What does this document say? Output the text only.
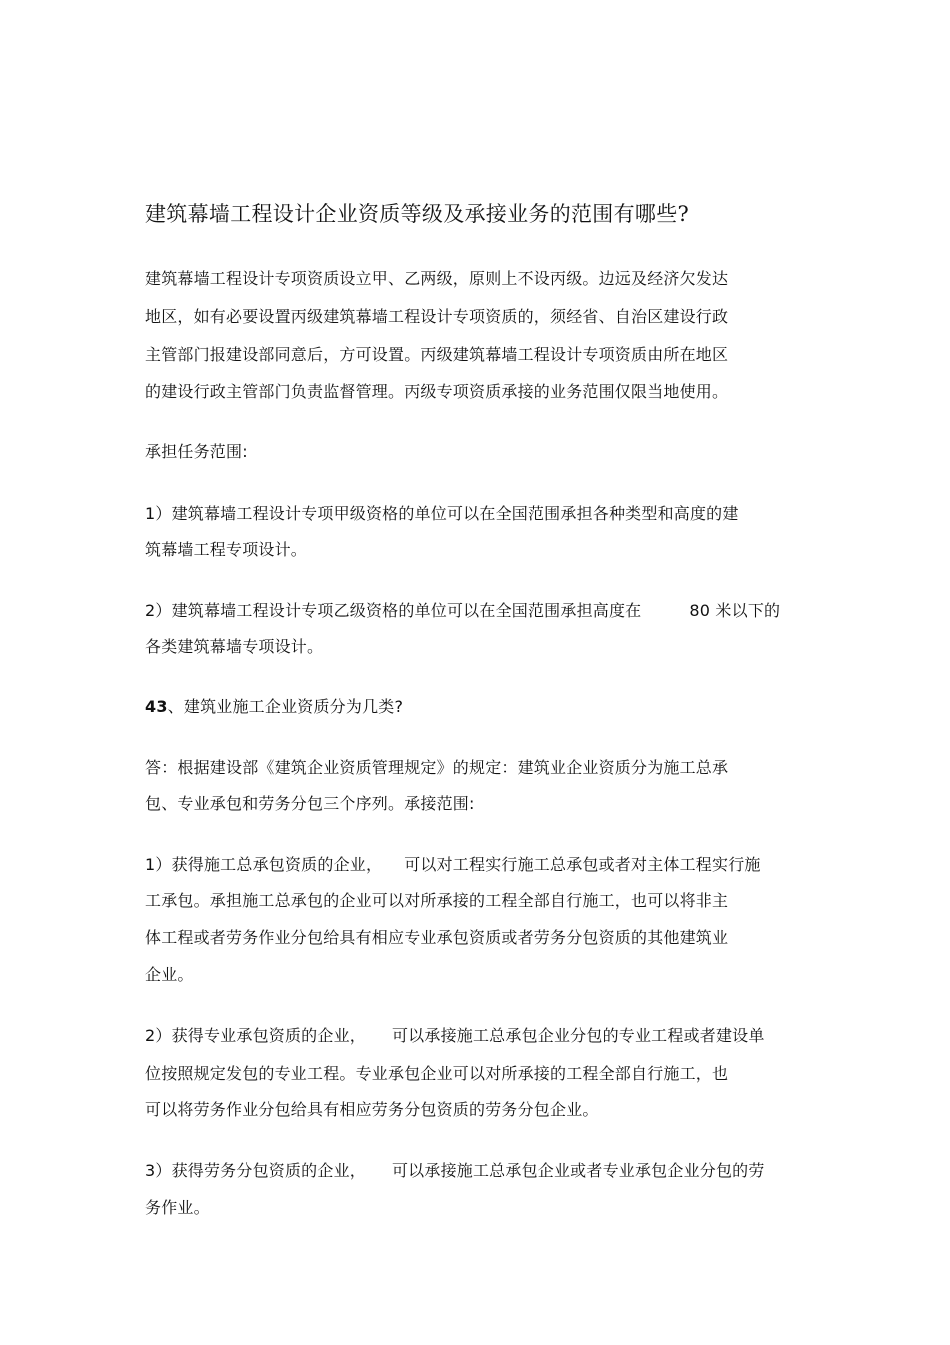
建筑幕墙工程设计企业资质等级及承接业务的范围有哪些?
建筑幕墙工程设计专项资质设立甲、乙两级，原则上不设丙级。边远及经济欠发达
地区，如有必要设置丙级建筑幕墙工程设计专项资质的，须经省、自治区建设行政
主管部门报建设部同意后，方可设置。丙级建筑幕墙工程设计专项资质由所在地区
的建设行政主管部门负责监督管理。丙级专项资质承接的业务范围仅限当地使用。
承担任务范围:
1）建筑幕墙工程设计专项甲级资格的单位可以在全国范围承担各种类型和高度的建
筑幕墙工程专项设计。
2）建筑幕墙工程设计专项乙级资格的单位可以在全国范围承担高度在	80 米以下的
各类建筑幕墙专项设计。
43、建筑业施工企业资质分为几类?
答：根据建设部《建筑企业资质管理规定》的规定：建筑业企业资质分为施工总承
包、专业承包和劳务分包三个序列。承接范围:
1）获得施工总承包资质的企业， 可以对工程实行施工总承包或者对主体工程实行施
工承包。承担施工总承包的企业可以对所承接的工程全部自行施工，也可以将非主
体工程或者劳务作业分包给具有相应专业承包资质或者劳务分包资质的其他建筑业
企业。
2）获得专业承包资质的企业， 可以承接施工总承包企业分包的专业工程或者建设单
位按照规定发包的专业工程。专业承包企业可以对所承接的工程全部自行施工，也
可以将劳务作业分包给具有相应劳务分包资质的劳务分包企业。
3）获得劳务分包资质的企业， 可以承接施工总承包企业或者专业承包企业分包的劳
务作业。
